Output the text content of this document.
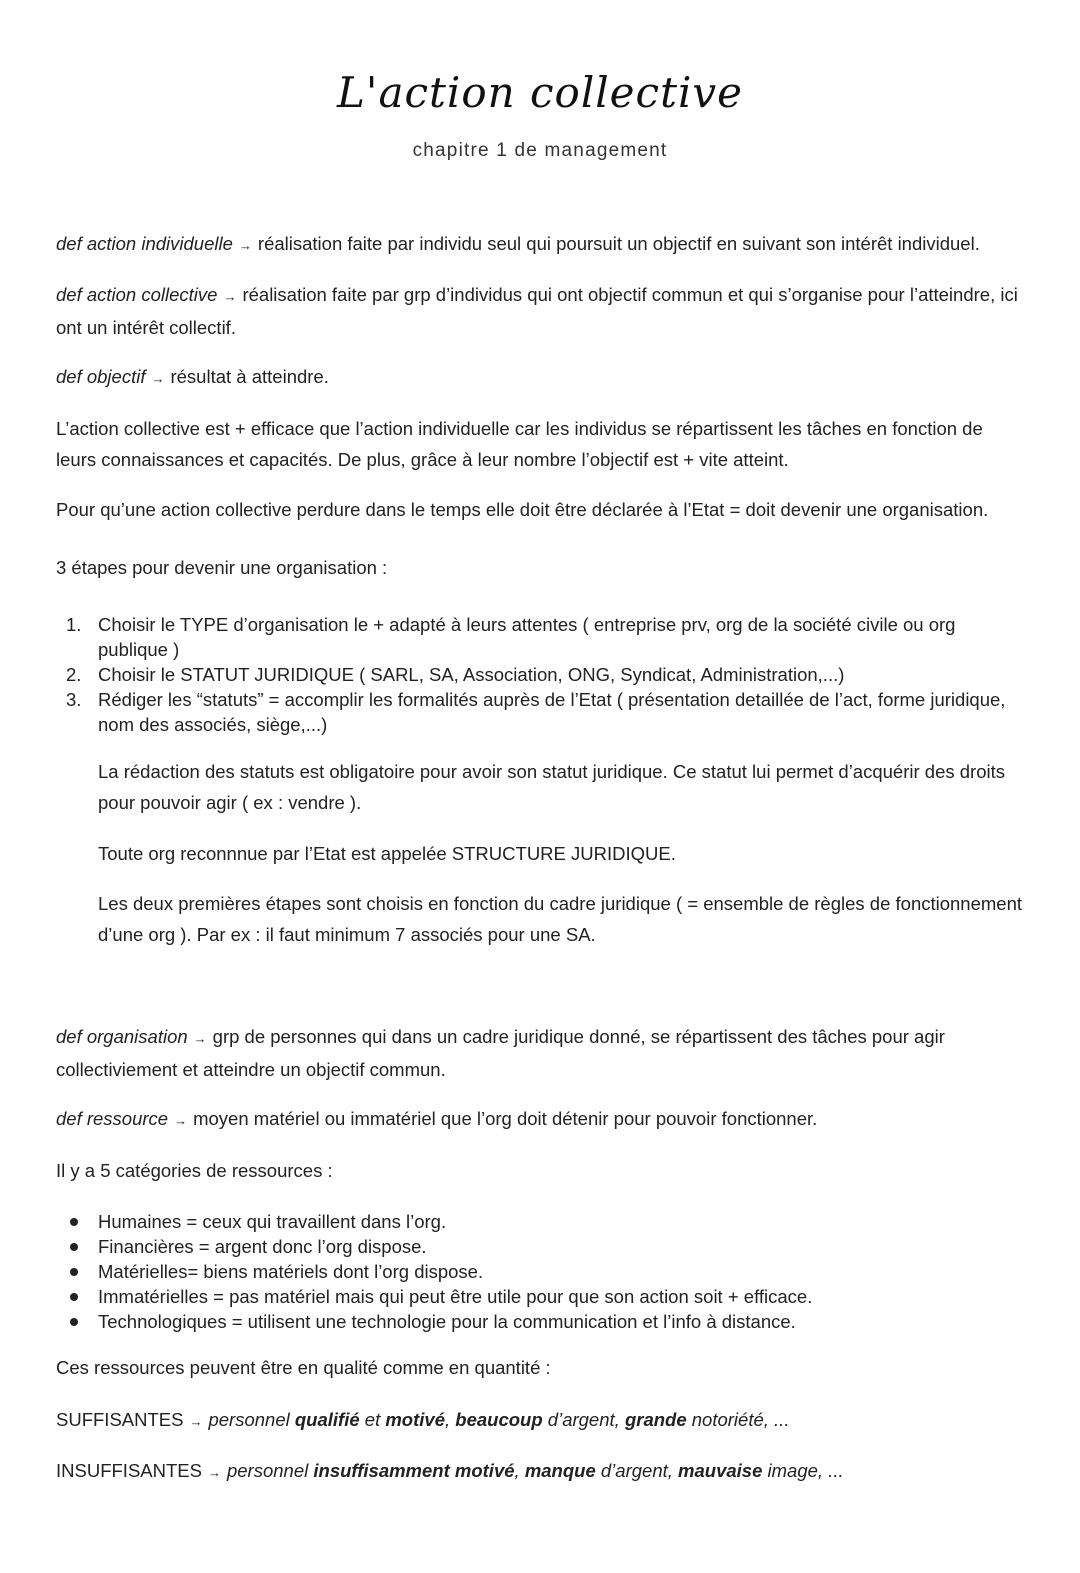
L'action collective
chapitre 1 de management
def action individuelle → réalisation faite par individu seul qui poursuit un objectif en suivant son intérêt individuel.
def action collective → réalisation faite par grp d’individus qui ont objectif commun et qui s’organise pour l’atteindre, ici ont un intérêt collectif.
def objectif → résultat à atteindre.
L’action collective est + efficace que l’action individuelle car les individus se répartissent les tâches en fonction de leurs connaissances et capacités. De plus, grâce à leur nombre l’objectif est + vite atteint.
Pour qu’une action collective perdure dans le temps elle doit être déclarée à l’Etat = doit devenir une organisation.
3 étapes pour devenir une organisation :
1. Choisir le TYPE d’organisation le + adapté à leurs attentes ( entreprise prv, org de la société civile ou org publique )
2. Choisir le STATUT JURIDIQUE ( SARL, SA, Association, ONG, Syndicat, Administration,...)
3. Rédiger les “statuts” = accomplir les formalités auprès de l’Etat ( présentation detaillée de l’act, forme juridique, nom des associés, siège,...)
La rédaction des statuts est obligatoire pour avoir son statut juridique. Ce statut lui permet d’acquérir des droits pour pouvoir agir ( ex : vendre ).
Toute org reconnnue par l’Etat est appelée STRUCTURE JURIDIQUE.
Les deux premières étapes sont choisis en fonction du cadre juridique ( = ensemble de règles de fonctionnement d’une org ). Par ex : il faut minimum 7 associés pour une SA.
def organisation → grp de personnes qui dans un cadre juridique donné, se répartissent des tâches pour agir collectiviement et atteindre un objectif commun.
def ressource → moyen matériel ou immatériel que l’org doit détenir pour pouvoir fonctionner.
Il y a 5 catégories de ressources :
Humaines = ceux qui travaillent dans l’org.
Financières = argent donc l’org dispose.
Matérielles= biens matériels dont l’org dispose.
Immatérielles = pas matériel mais qui peut être utile pour que son action soit + efficace.
Technologiques = utilisent une technologie pour la communication et l’info à distance.
Ces ressources peuvent être en qualité comme en quantité :
SUFFISANTES → personnel qualifié et motivé, beaucoup d’argent, grande notoriété, ...
INSUFFISANTES → personnel insuffisamment motivé, manque d’argent, mauvaise image, ...
